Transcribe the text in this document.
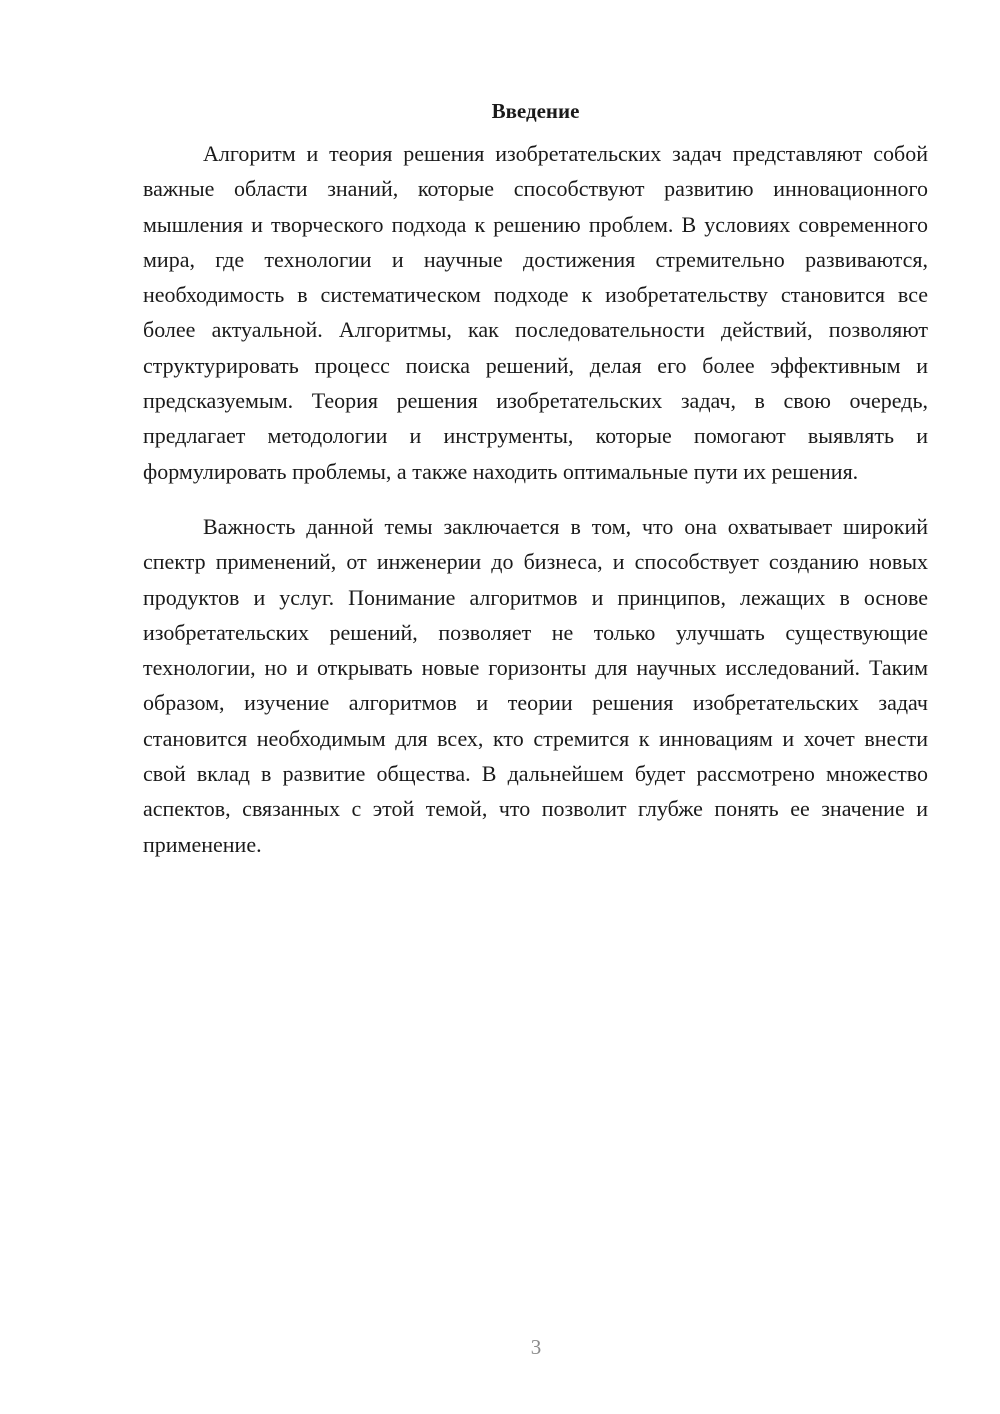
Введение

Алгоритм и теория решения изобретательских задач представляют собой важные области знаний, которые способствуют развитию инновационного мышления и творческого подхода к решению проблем. В условиях современного мира, где технологии и научные достижения стремительно развиваются, необходимость в систематическом подходе к изобретательству становится все более актуальной. Алгоритмы, как последовательности действий, позволяют структурировать процесс поиска решений, делая его более эффективным и предсказуемым. Теория решения изобретательских задач, в свою очередь, предлагает методологии и инструменты, которые помогают выявлять и формулировать проблемы, а также находить оптимальные пути их решения.

Важность данной темы заключается в том, что она охватывает широкий спектр применений, от инженерии до бизнеса, и способствует созданию новых продуктов и услуг. Понимание алгоритмов и принципов, лежащих в основе изобретательских решений, позволяет не только улучшать существующие технологии, но и открывать новые горизонты для научных исследований. Таким образом, изучение алгоритмов и теории решения изобретательских задач становится необходимым для всех, кто стремится к инновациям и хочет внести свой вклад в развитие общества. В дальнейшем будет рассмотрено множество аспектов, связанных с этой темой, что позволит глубже понять ее значение и применение.

3
